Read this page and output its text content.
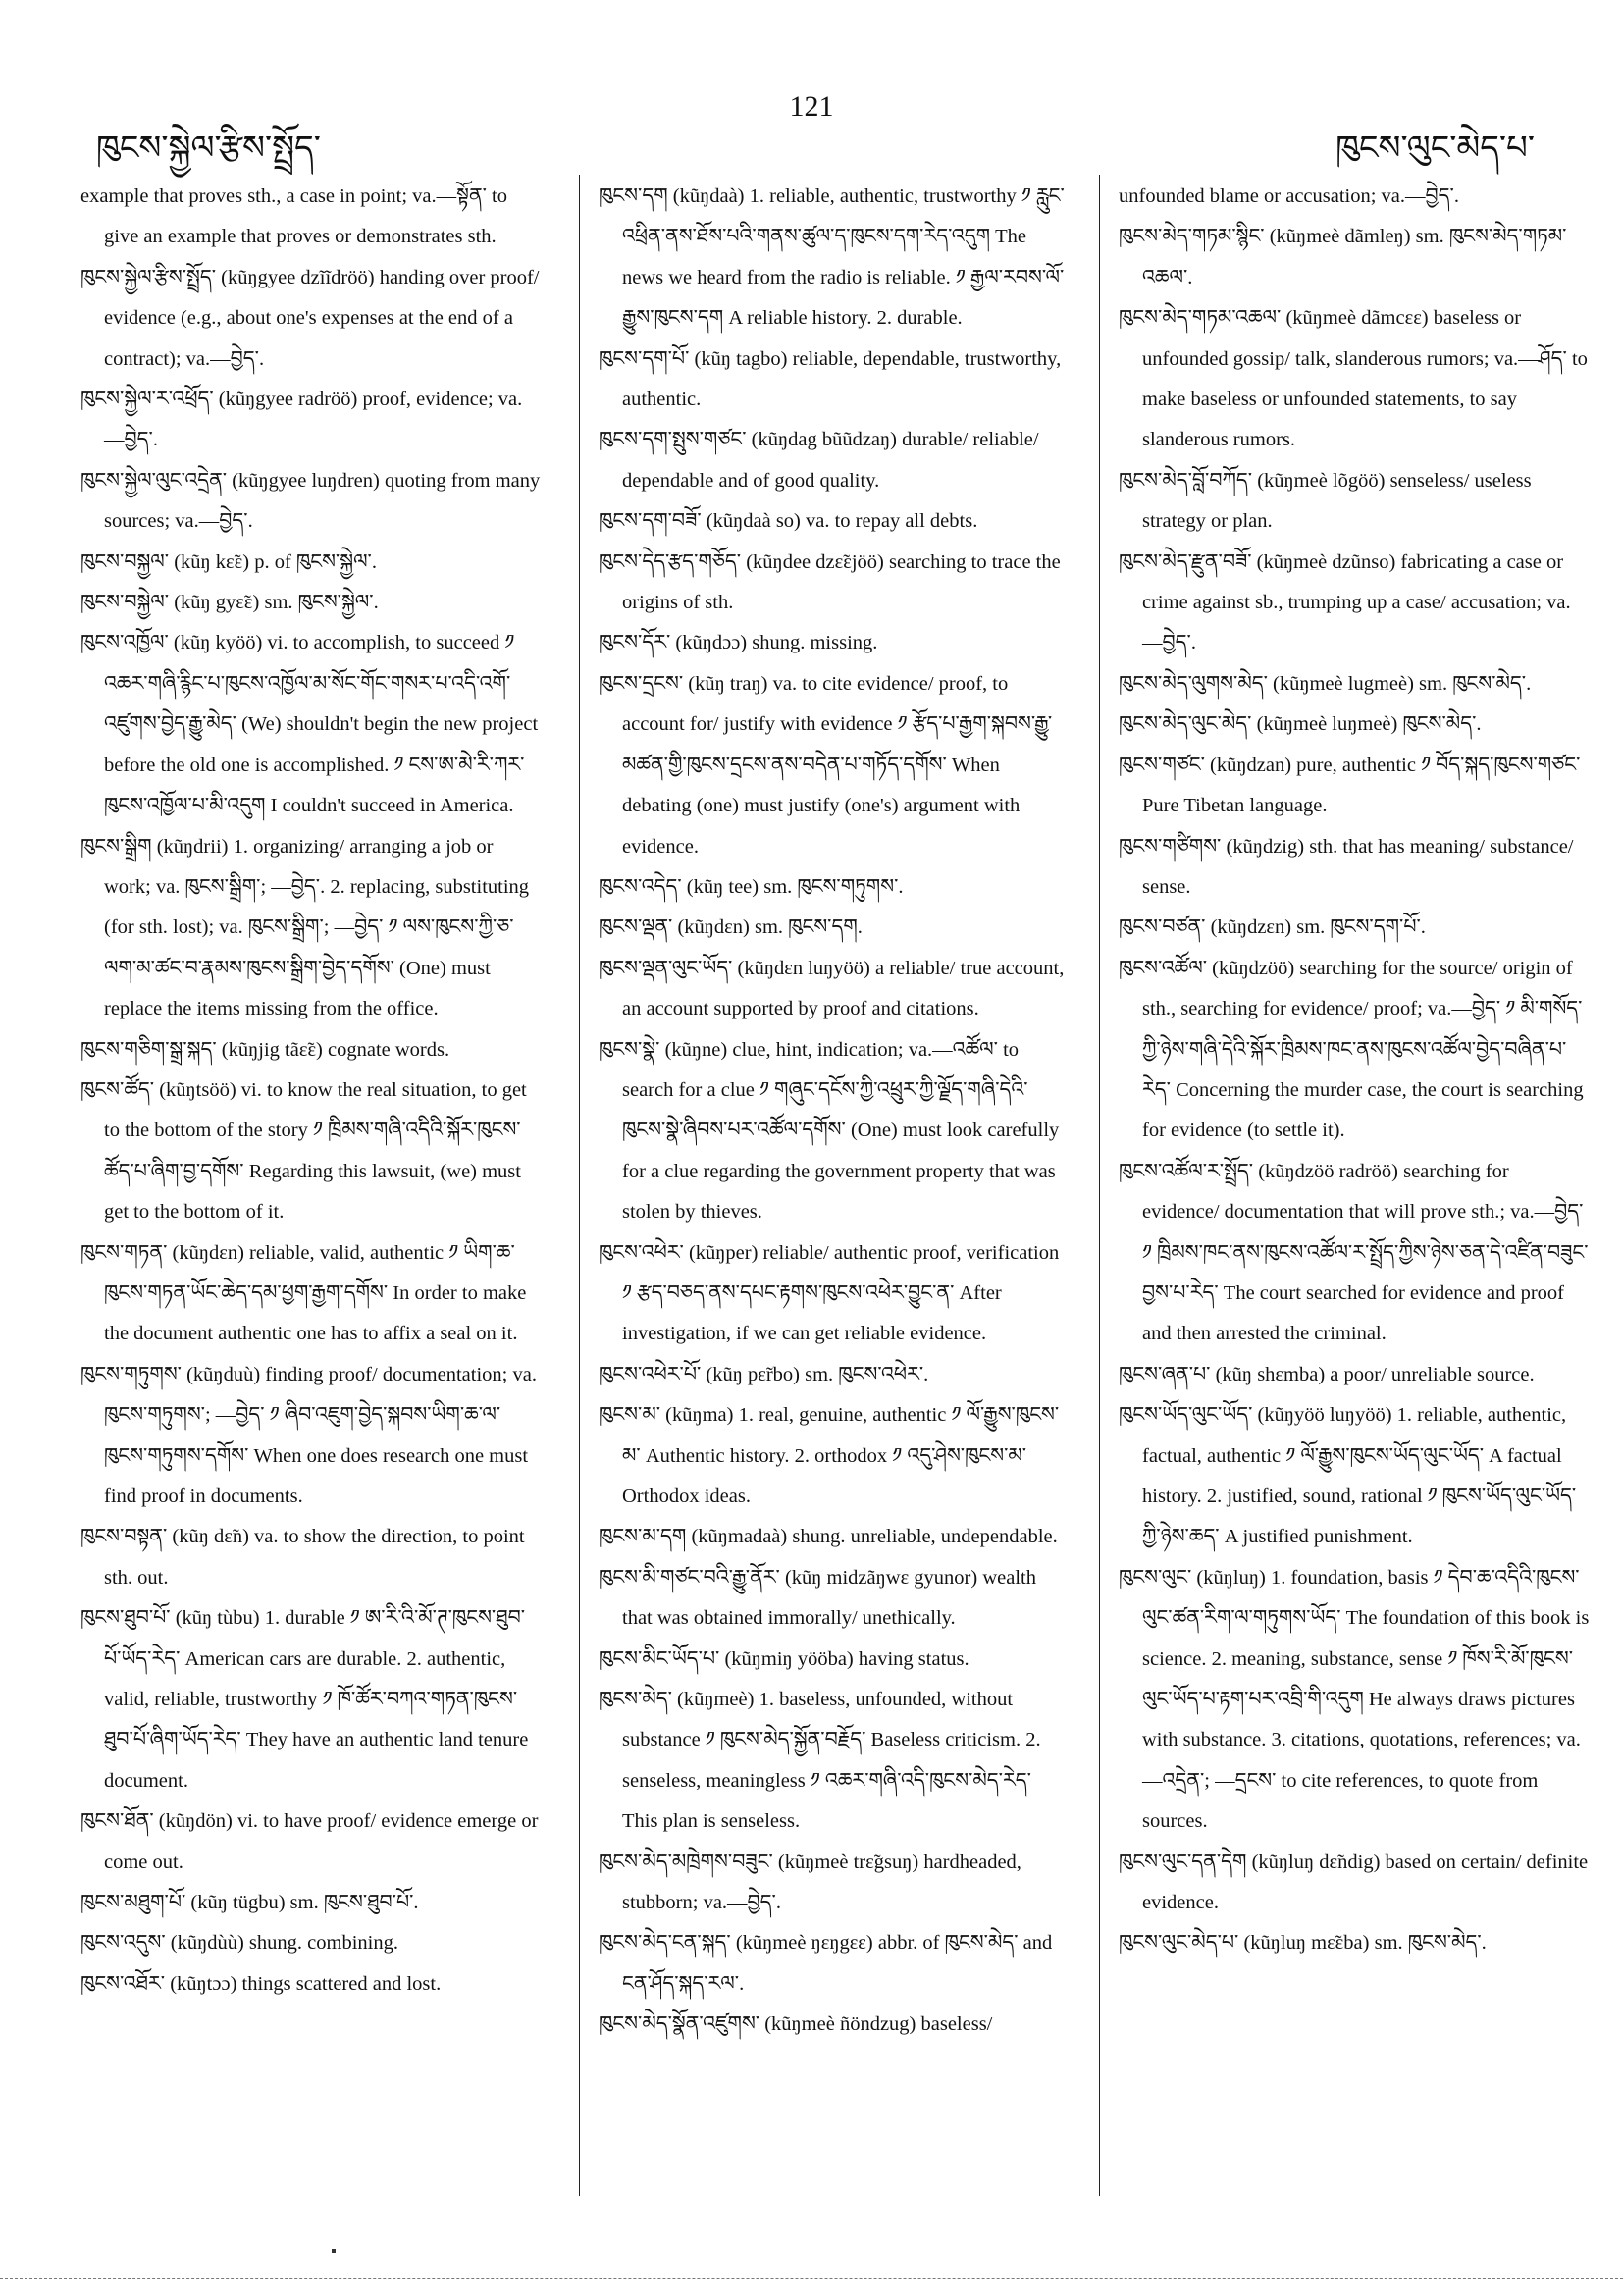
121
ཁུངས་སྐྱེལ་རྩིས་སྤྲོད་	ཁུངས་ལུང་མེད་པ་

example that proves sth., a case in point; va.—སྟོན་ to give an example that proves or demonstrates sth.

ཁུངས་སྐྱེལ་རྩིས་སྤྲོད་ (kũŋgyee dzĩĩdröö) handing over proof/ evidence (e.g., about one's expenses at the end of a contract); va.—བྱེད་.

ཁུངས་སྐྱེལ་ར་འཕྲོད་ (kũŋgyee radröö) proof, evidence; va.—བྱེད་.

ཁུངས་སྐྱེལ་ལུང་འདྲེན་ (kũŋgyee luŋdren) quoting from many sources; va.—བྱེད་.

ཁུངས་བསྐྱལ་ (kũŋ kɛ̃ɛ) p. of ཁུངས་སྐྱེལ་.

ཁུངས་བསྐྱེལ་ (kũŋ gyɛ̃ɛ) sm. ཁུངས་སྐྱེལ་.

ཁུངས་འཁྱོལ་ (kũŋ kyöö) vi. to accomplish, to succeed ༡ འཆར་གཞི་རྙིང་པ་ཁུངས་འཁྱོལ་མ་སོང་གོང་གསར་པ་འདི་འགོ་འཛུགས་བྱེད་རྒྱུ་མེད་ (We) shouldn't begin the new project before the old one is accomplished. ༡ ངས་ཨ་མེ་རི་ཀར་ཁུངས་འཁྱོལ་པ་མི་འདུག I couldn't succeed in America.

ཁུངས་སྒྲིག (kũŋdrii) 1. organizing/ arranging a job or work; va. ཁུངས་སྒྲིག་; —བྱེད་. 2. replacing, substituting (for sth. lost); va. ཁུངས་སྒྲིག་; —བྱེད་ ༡ ལས་ཁུངས་ཀྱི་ཅ་ལག་མ་ཚང་བ་རྣམས་ཁུངས་སྒྲིག་བྱེད་དགོས་ (One) must replace the items missing from the office.

ཁུངས་གཅིག་སྒྲ་སྐད་ (kũŋjig tãɛ̃ɛ) cognate words.

ཁུངས་ཚོད་ (kũŋtsöö) vi. to know the real situation, to get to the bottom of the story ༡ ཁྲིམས་གཞི་འདིའི་སྐོར་ཁུངས་ཚོད་པ་ཞིག་བྱ་དགོས་ Regarding this lawsuit, (we) must get to the bottom of it.

ཁུངས་གཏན་ (kũŋdɛn) reliable, valid, authentic ༡ ཡིག་ཆ་ཁུངས་གཏན་ཡོང་ཆེད་དམ་ཕྱག་རྒྱག་དགོས་ In order to make the document authentic one has to affix a seal on it.

ཁུངས་གཏུགས་ (kũŋduù) finding proof/ documentation; va. ཁུངས་གཏུགས་; —བྱེད་ ༡ ཞིབ་འཇུག་བྱེད་སྐབས་ཡིག་ཆ་ལ་ཁུངས་གཏུགས་དགོས་ When one does research one must find proof in documents.

ཁུངས་བསྟན་ (kũŋ dɛ̃n) va. to show the direction, to point sth. out.

ཁུངས་ཐུབ་པོ་ (kũŋ tùbu) 1. durable ༡ ཨ་རི་འི་མོ་ཊ་ཁུངས་ཐུབ་པོ་ཡོད་རེད་ American cars are durable. 2. authentic, valid, reliable, trustworthy ༡ ཁོ་ཚོར་བཀའ་གཏན་ཁུངས་ཐུབ་པོ་ཞིག་ཡོད་རེད་ They have an authentic land tenure document.

ཁུངས་ཐོན་ (kũŋdön) vi. to have proof/ evidence emerge or come out.

ཁུངས་མཐུག་པོ་ (kũŋ tügbu) sm. ཁུངས་ཐུབ་པོ་.

ཁུངས་འདུས་ (kũŋdùù) shung. combining.

ཁུངས་འཐོར་ (kũŋtɔɔ) things scattered and lost.

ཁུངས་དག (kũŋdaà) 1. reliable, authentic, trustworthy ༡ རླུང་འཕྲིན་ནས་ཐོས་པའི་གནས་ཚུལ་ད་ཁུངས་དག་རེད་འདུག The news we heard from the radio is reliable. ༡ རྒྱལ་རབས་ལོ་རྒྱུས་ཁུངས་དག A reliable history. 2. durable.

ཁུངས་དག་པོ་ (kũŋ tagbo) reliable, dependable, trustworthy, authentic.

ཁུངས་དག་སྤུས་གཙང་ (kũŋdag bũũdzaŋ) durable/ reliable/ dependable and of good quality.

ཁུངས་དག་བཟོ་ (kũŋdaà so) va. to repay all debts.

ཁུངས་དེད་རྩད་གཅོད་ (kũŋdee dzɛ̃ɛjöö) searching to trace the origins of sth.

ཁུངས་དོར་ (kũŋdɔɔ) shung. missing.

ཁུངས་དྲངས་ (kũŋ traŋ) va. to cite evidence/ proof, to account for/ justify with evidence ༡ རྩོད་པ་རྒྱག་སྐབས་རྒྱུ་མཚན་གྱི་ཁུངས་དྲངས་ནས་བདེན་པ་གཏོད་དགོས་ When debating (one) must justify (one's) argument with evidence.

ཁུངས་འདེད་ (kũŋ tee) sm. ཁུངས་གཏུགས་.

ཁུངས་ལྡན་ (kũŋdɛn) sm. ཁུངས་དག.

ཁུངས་ལྡན་ལུང་ཡོད་ (kũŋdɛn luŋyöö) a reliable/ true account, an account supported by proof and citations.

ཁུངས་སྣེ་ (kũŋne) clue, hint, indication; va.—འཚོལ་ to search for a clue ༡ གཞུང་དངོས་ཀྱི་འཕྲུར་ཀྱི་ལྗོད་གཞི་དེའི་ཁུངས་སྣེ་ཞིབས་པར་འཚོལ་དགོས་ (One) must look carefully for a clue regarding the government property that was stolen by thieves.

ཁུངས་འཕེར་ (kũŋper) reliable/ authentic proof, verification ༡ རྩད་བཅད་ནས་དཔང་རྟགས་ཁུངས་འཕེར་བྱུང་ན་ After investigation, if we can get reliable evidence.

ཁུངས་འཕེར་པོ་ (kũŋ pɛ̃rbo) sm. ཁུངས་འཕེར་.

ཁུངས་མ་ (kũŋma) 1. real, genuine, authentic ༡ ལོ་རྒྱུས་ཁུངས་མ་ Authentic history. 2. orthodox ༡ འདུ་ཤེས་ཁུངས་མ་ Orthodox ideas.

ཁུངས་མ་དག (kũŋmadaà) shung. unreliable, undependable.

ཁུངས་མི་གཙང་བའི་རྒྱུ་ནོར་ (kũŋ midzãŋwɛ gyunor) wealth that was obtained immorally/ unethically.

ཁུངས་མིང་ཡོད་པ་ (kũŋmiŋ yööba) having status.

ཁུངས་མེད་ (kũŋmeè) 1. baseless, unfounded, without substance ༡ ཁུངས་མེད་སྐྱོན་བརྗོད་ Baseless criticism. 2. senseless, meaningless ༡ འཆར་གཞི་འདི་ཁུངས་མེད་རེད་ This plan is senseless.

ཁུངས་མེད་མཁྲེགས་བཟུང་ (kũŋmeè trɛ̃gsuŋ) hardheaded, stubborn; va.—བྱེད་.

ཁུངས་མེད་ངན་སྐད་ (kũŋmeè ŋɛŋgɛɛ) abbr. of ཁུངས་མེད་ and ངན་ཤོད་སྐད་རལ་.

ཁུངས་མེད་སྣོན་འཛུགས་ (kũŋmeè ñöndzug) baseless/

unfounded blame or accusation; va.—བྱེད་.

ཁུངས་མེད་གཏམ་སྙིང་ (kũŋmeè dãmleŋ) sm. ཁུངས་མེད་གཏམ་འཆལ་.

ཁུངས་མེད་གཏམ་འཆལ་ (kũŋmeè dãmcɛɛ) baseless or unfounded gossip/ talk, slanderous rumors; va.—ཤོད་ to make baseless or unfounded statements, to say slanderous rumors.

ཁུངས་མེད་བློ་བཀོད་ (kũŋmeè lõgöö) senseless/ useless strategy or plan.

ཁུངས་མེད་རྫུན་བཟོ་ (kũŋmeè dzũnso) fabricating a case or crime against sb., trumping up a case/ accusation; va.—བྱེད་.

ཁུངས་མེད་ལུགས་མེད་ (kũŋmeè lugmeè) sm. ཁུངས་མེད་.

ཁུངས་མེད་ལུང་མེད་ (kũŋmeè luŋmeè) ཁུངས་མེད་.

ཁུངས་གཙང་ (kũŋdzan) pure, authentic ༡ བོད་སྐད་ཁུངས་གཙང་ Pure Tibetan language.

ཁུངས་གཙིགས་ (kũŋdzig) sth. that has meaning/ substance/ sense.

ཁུངས་བཙན་ (kũŋdzɛn) sm. ཁུངས་དག་པོ་.

ཁུངས་འཚོལ་ (kũŋdzöö) searching for the source/ origin of sth., searching for evidence/ proof; va.—བྱེད་ ༡ མི་གསོད་ཀྱི་ཉེས་གཞི་དེའི་སྐོར་ཁྲིམས་ཁང་ནས་ཁུངས་འཚོལ་བྱེད་བཞིན་པ་རེད་ Concerning the murder case, the court is searching for evidence (to settle it).

ཁུངས་འཚོལ་ར་སྤྲོད་ (kũŋdzöö radröö) searching for evidence/ documentation that will prove sth.; va.—བྱེད་ ༡ ཁྲིམས་ཁང་ནས་ཁུངས་འཚོལ་ར་སྤྲོད་ཀྱིས་ཉེས་ཅན་དེ་འཛིན་བཟུང་བྱས་པ་རེད་ The court searched for evidence and proof and then arrested the criminal.

ཁུངས་ཞན་པ་ (kũŋ shɛmba) a poor/ unreliable source.

ཁུངས་ཡོད་ལུང་ཡོད་ (kũŋyöö luŋyöö) 1. reliable, authentic, factual, authentic ༡ ལོ་རྒྱུས་ཁུངས་ཡོད་ལུང་ཡོད་ A factual history. 2. justified, sound, rational ༡ ཁུངས་ཡོད་ལུང་ཡོད་ཀྱི་ཉེས་ཆད་ A justified punishment.

ཁུངས་ལུང་ (kũŋluŋ) 1. foundation, basis ༡ དེབ་ཆ་འདིའི་ཁུངས་ལུང་ཚན་རིག་ལ་གཏུགས་ཡོད་ The foundation of this book is science. 2. meaning, substance, sense ༡ ཁོས་རི་མོ་ཁུངས་ལུང་ཡོད་པ་རྟག་པར་འབྲི་གི་འདུག He always draws pictures with substance. 3. citations, quotations, references; va.—འདྲེན་; —དྲངས་ to cite references, to quote from sources.

ཁུངས་ལུང་དན་དེག (kũŋluŋ dɛ̃ndig) based on certain/ definite evidence.

ཁུངས་ལུང་མེད་པ་ (kũŋluŋ mɛ̃ɛba) sm. ཁུངས་མེད་.
